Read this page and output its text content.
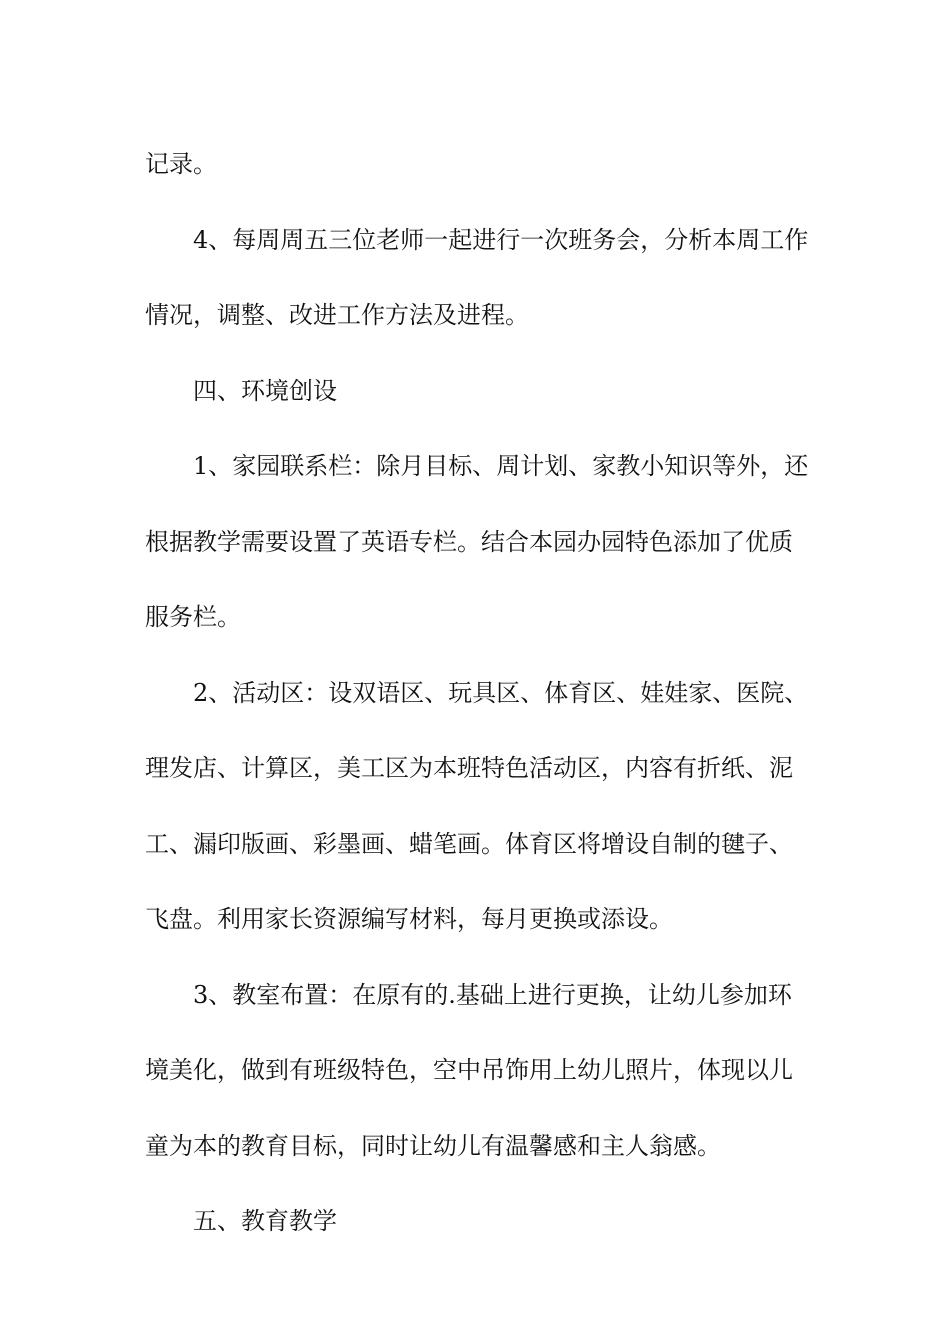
记录。
4、每周周五三位老师一起进行一次班务会，分析本周工作
情况，调整、改进工作方法及进程。
四、环境创设
1、家园联系栏：除月目标、周计划、家教小知识等外，还
根据教学需要设置了英语专栏。结合本园办园特色添加了优质
服务栏。
2、活动区：设双语区、玩具区、体育区、娃娃家、医院、
理发店、计算区，美工区为本班特色活动区，内容有折纸、泥
工、漏印版画、彩墨画、蜡笔画。体育区将增设自制的毽子、
飞盘。利用家长资源编写材料，每月更换或添设。
3、教室布置：在原有的.基础上进行更换，让幼儿参加环
境美化，做到有班级特色，空中吊饰用上幼儿照片，体现以儿
童为本的教育目标，同时让幼儿有温馨感和主人翁感。
五、教育教学
